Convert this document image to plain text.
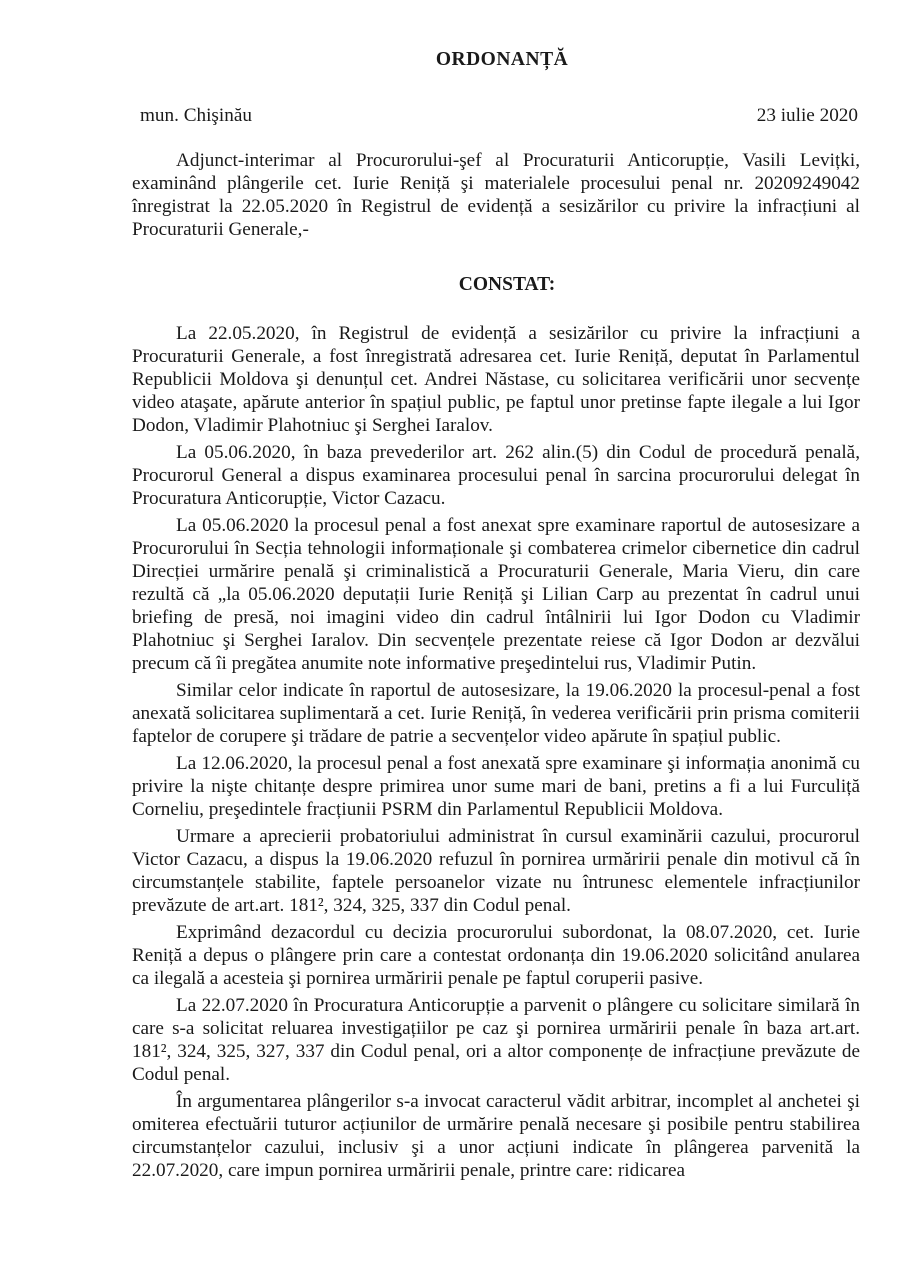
ORDONANȚĂ
mun. Chişinău	23 iulie 2020

Adjunct-interimar al Procurorului-şef al Procuraturii Anticorupție, Vasili Levițki, examinând plângerile cet. Iurie Reniță şi materialele procesului penal nr. 20209249042 înregistrat la 22.05.2020 în Registrul de evidență a sesizărilor cu privire la infracțiuni al Procuraturii Generale,-

CONSTAT:

La 22.05.2020, în Registrul de evidență a sesizărilor cu privire la infracțiuni a Procuraturii Generale, a fost înregistrată adresarea cet. Iurie Reniță, deputat în Parlamentul Republicii Moldova şi denunțul cet. Andrei Năstase, cu solicitarea verificării unor secvențe video ataşate, apărute anterior în spațiul public, pe faptul unor pretinse fapte ilegale a lui Igor Dodon, Vladimir Plahotniuc şi Serghei Iaralov.

La 05.06.2020, în baza prevederilor art. 262 alin.(5) din Codul de procedură penală, Procurorul General a dispus examinarea procesului penal în sarcina procurorului delegat în Procuratura Anticorupție, Victor Cazacu.

La 05.06.2020 la procesul penal a fost anexat spre examinare raportul de autosesizare a Procurorului în Secția tehnologii informaționale şi combaterea crimelor cibernetice din cadrul Direcției urmărire penală şi criminalistică a Procuraturii Generale, Maria Vieru, din care rezultă că „la 05.06.2020 deputații Iurie Reniță şi Lilian Carp au prezentat în cadrul unui briefing de presă, noi imagini video din cadrul întâlnirii lui Igor Dodon cu Vladimir Plahotniuc şi Serghei Iaralov. Din secvențele prezentate reiese că Igor Dodon ar dezvălui precum că îi pregătea anumite note informative preşedintelui rus, Vladimir Putin.

Similar celor indicate în raportul de autosesizare, la 19.06.2020 la procesul-penal a fost anexată solicitarea suplimentară a cet. Iurie Reniță, în vederea verificării prin prisma comiterii faptelor de corupere şi trădare de patrie a secvențelor video apărute în spațiul public.

La 12.06.2020, la procesul penal a fost anexată spre examinare şi informația anonimă cu privire la nişte chitanțe despre primirea unor sume mari de bani, pretins a fi a lui Furculiță Corneliu, preşedintele fracțiunii PSRM din Parlamentul Republicii Moldova.

Urmare a aprecierii probatoriului administrat în cursul examinării cazului, procurorul Victor Cazacu, a dispus la 19.06.2020 refuzul în pornirea urmăririi penale din motivul că în circumstanțele stabilite, faptele persoanelor vizate nu întrunesc elementele infracțiunilor prevăzute de art.art. 181², 324, 325, 337 din Codul penal.

Exprimând dezacordul cu decizia procurorului subordonat, la 08.07.2020, cet. Iurie Reniță a depus o plângere prin care a contestat ordonanța din 19.06.2020 solicitând anularea ca ilegală a acesteia şi pornirea urmăririi penale pe faptul coruperii pasive.

La 22.07.2020 în Procuratura Anticorupție a parvenit o plângere cu solicitare similară în care s-a solicitat reluarea investigațiilor pe caz şi pornirea urmăririi penale în baza art.art. 181², 324, 325, 327, 337 din Codul penal, ori a altor componențe de infracțiune prevăzute de Codul penal.

În argumentarea plângerilor s-a invocat caracterul vădit arbitrar, incomplet al anchetei şi omiterea efectuării tuturor acțiunilor de urmărire penală necesare şi posibile pentru stabilirea circumstanțelor cazului, inclusiv şi a unor acțiuni indicate în plângerea parvenită la 22.07.2020, care impun pornirea urmăririi penale, printre care: ridicarea
